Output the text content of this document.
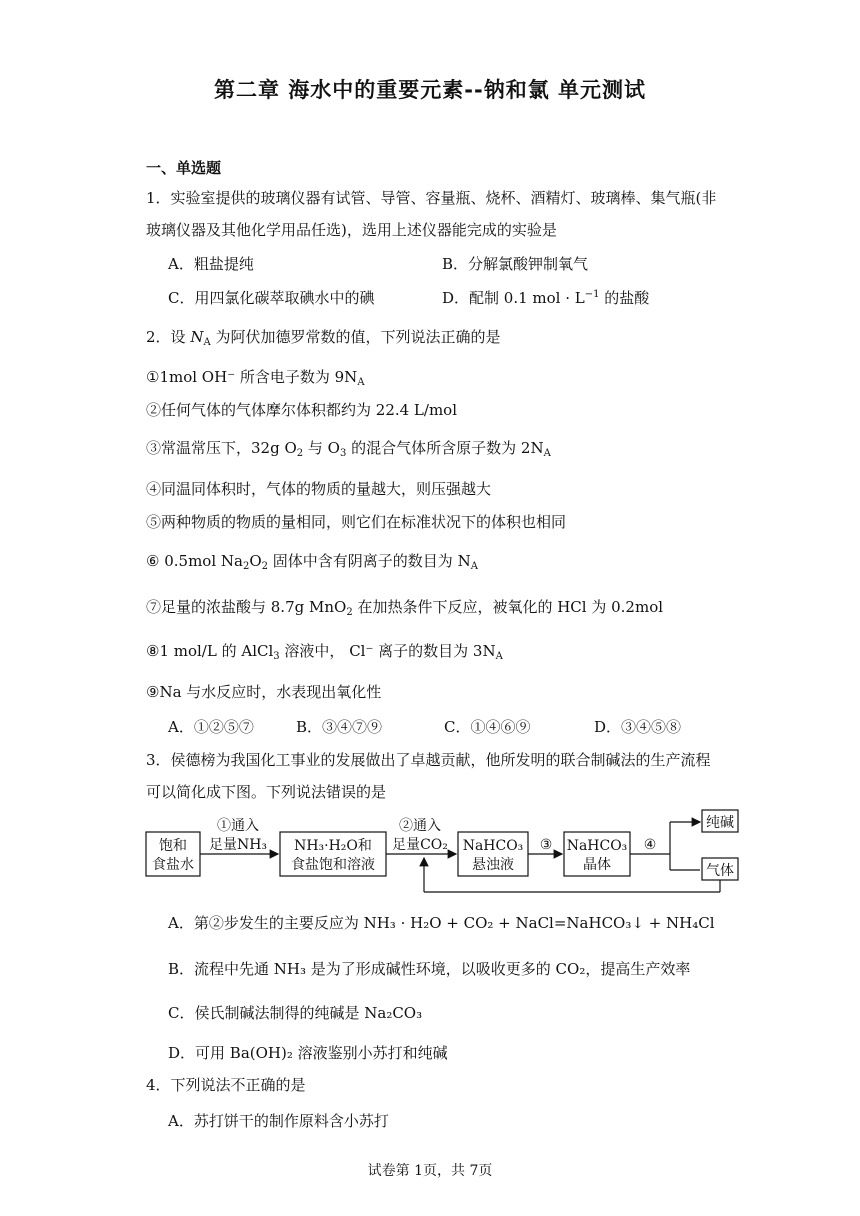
第二章 海水中的重要元素--钠和氯 单元测试
一、单选题
1．实验室提供的玻璃仪器有试管、导管、容量瓶、烧杯、酒精灯、玻璃棒、集气瓶(非
玻璃仪器及其他化学用品任选)，选用上述仪器能完成的实验是
A．粗盐提纯	B．分解氯酸钾制氧气
C．用四氯化碳萃取碘水中的碘	D．配制 0.1 mol · $L^{-1}$ 的盐酸
2．设 $N_A$ 为阿伏加德罗常数的值，下列说法正确的是
①1mol OH⁻ 所含电子数为 $9N_A$
②任何气体的气体摩尔体积都约为 22.4 L/mol
③常温常压下，32g $O_2$ 与 $O_3$ 的混合气体所含原子数为 $2N_A$
④同温同体积时，气体的物质的量越大，则压强越大
⑤两种物质的物质的量相同，则它们在标准状况下的体积也相同
⑥ 0.5mol $Na_2O_2$ 固体中含有阴离子的数目为 $N_A$
⑦足量的浓盐酸与 8.7g MnO$_2$ 在加热条件下反应，被氧化的 HCl 为 0.2mol
⑧1 mol/L 的 AlCl$_3$ 溶液中， Cl⁻ 离子的数目为 $3N_A$
⑨Na 与水反应时，水表现出氧化性
A．①②⑤⑦	B．③④⑦⑨	C．①④⑥⑨	D．③④⑤⑧
3．侯德榜为我国化工事业的发展做出了卓越贡献，他所发明的联合制碱法的生产流程
可以简化成下图。下列说法错误的是
饱和
食盐水
①通入
足量NH₃ NH₃·H₂O和
食盐饱和溶液
②通入
足量CO₂ NaHCO₃
悬浊液
③ NaHCO₃
晶体
④
纯碱
气体
A．第②步发生的主要反应为 NH₃ · H₂O + CO₂ + NaCl=NaHCO₃↓ + NH₄Cl
B．流程中先通 NH₃ 是为了形成碱性环境，以吸收更多的 CO₂，提高生产效率
C．侯氏制碱法制得的纯碱是 Na₂CO₃
D．可用 Ba(OH)₂ 溶液鉴别小苏打和纯碱
4．下列说法不正确的是
A．苏打饼干的制作原料含小苏打
试卷第 1页，共 7页
